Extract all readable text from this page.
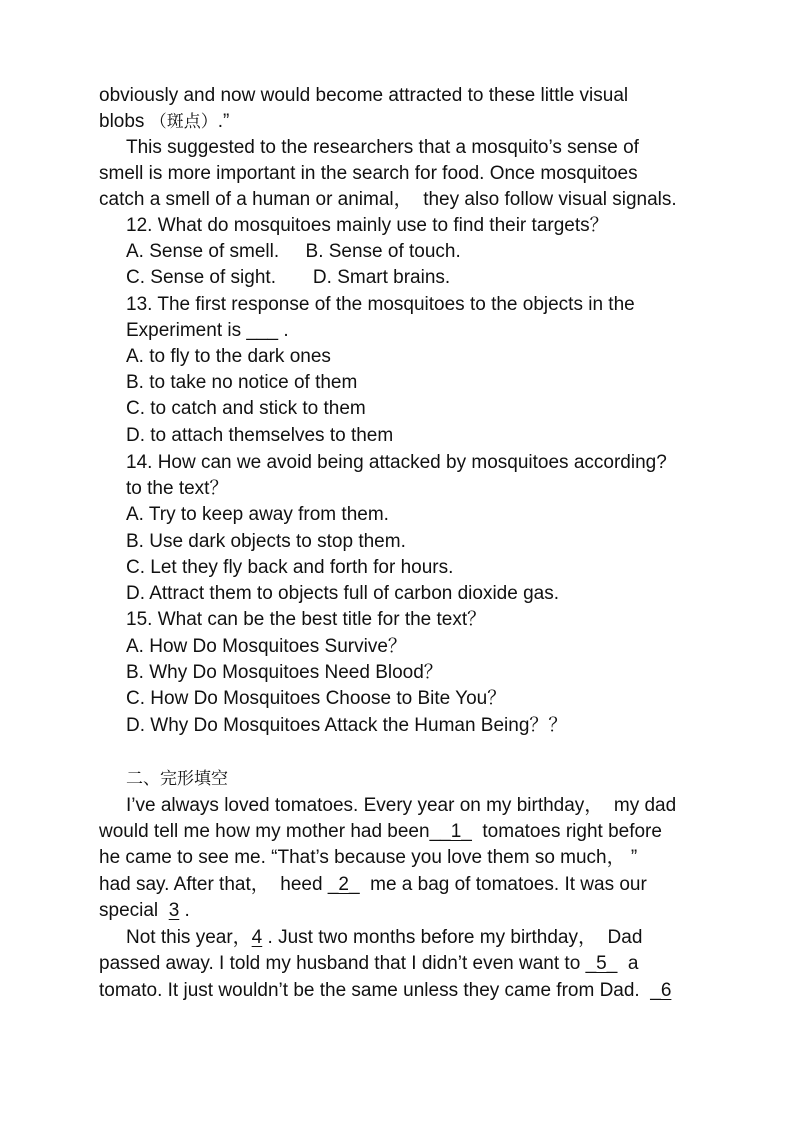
obviously and now would become attracted to these little visual
blobs （斑点）.”
This suggested to the researchers that a mosquito’s sense of
smell is more important in the search for food. Once mosquitoes
catch a smell of a human or animal，  they also follow visual signals.
12. What do mosquitoes mainly use to find their targets？
A. Sense of smell.     B. Sense of touch.
C. Sense of sight.       D. Smart brains.
13. The first response of the mosquitoes to the objects in the
Experiment is ___ .
A. to fly to the dark ones
B. to take no notice of them
C. to catch and stick to them
D. to attach themselves to them
14. How can we avoid being attacked by mosquitoes according?
to the text？
A. Try to keep away from them.
B. Use dark objects to stop them.
C. Let they fly back and forth for hours.
D. Attract them to objects full of carbon dioxide gas.
15. What can be the best title for the text？
A. How Do Mosquitoes Survive？
B. Why Do Mosquitoes Need Blood？
C. How Do Mosquitoes Choose to Bite You？
D. Why Do Mosquitoes Attack the Human Being？？
二、完形填空
I’ve always loved tomatoes. Every year on my birthday，  my dad
would tell me how my mother had been__1_  tomatoes right before
he came to see me. “That’s because you love them so much， ”
had say. After that，  heed _2_  me a bag of tomatoes. It was our
special  3 .
Not this year，4 . Just two months before my birthday，  Dad
passed away. I told my husband that I didn’t even want to _5_  a
tomato. It just wouldn’t be the same unless they came from Dad.  _6
